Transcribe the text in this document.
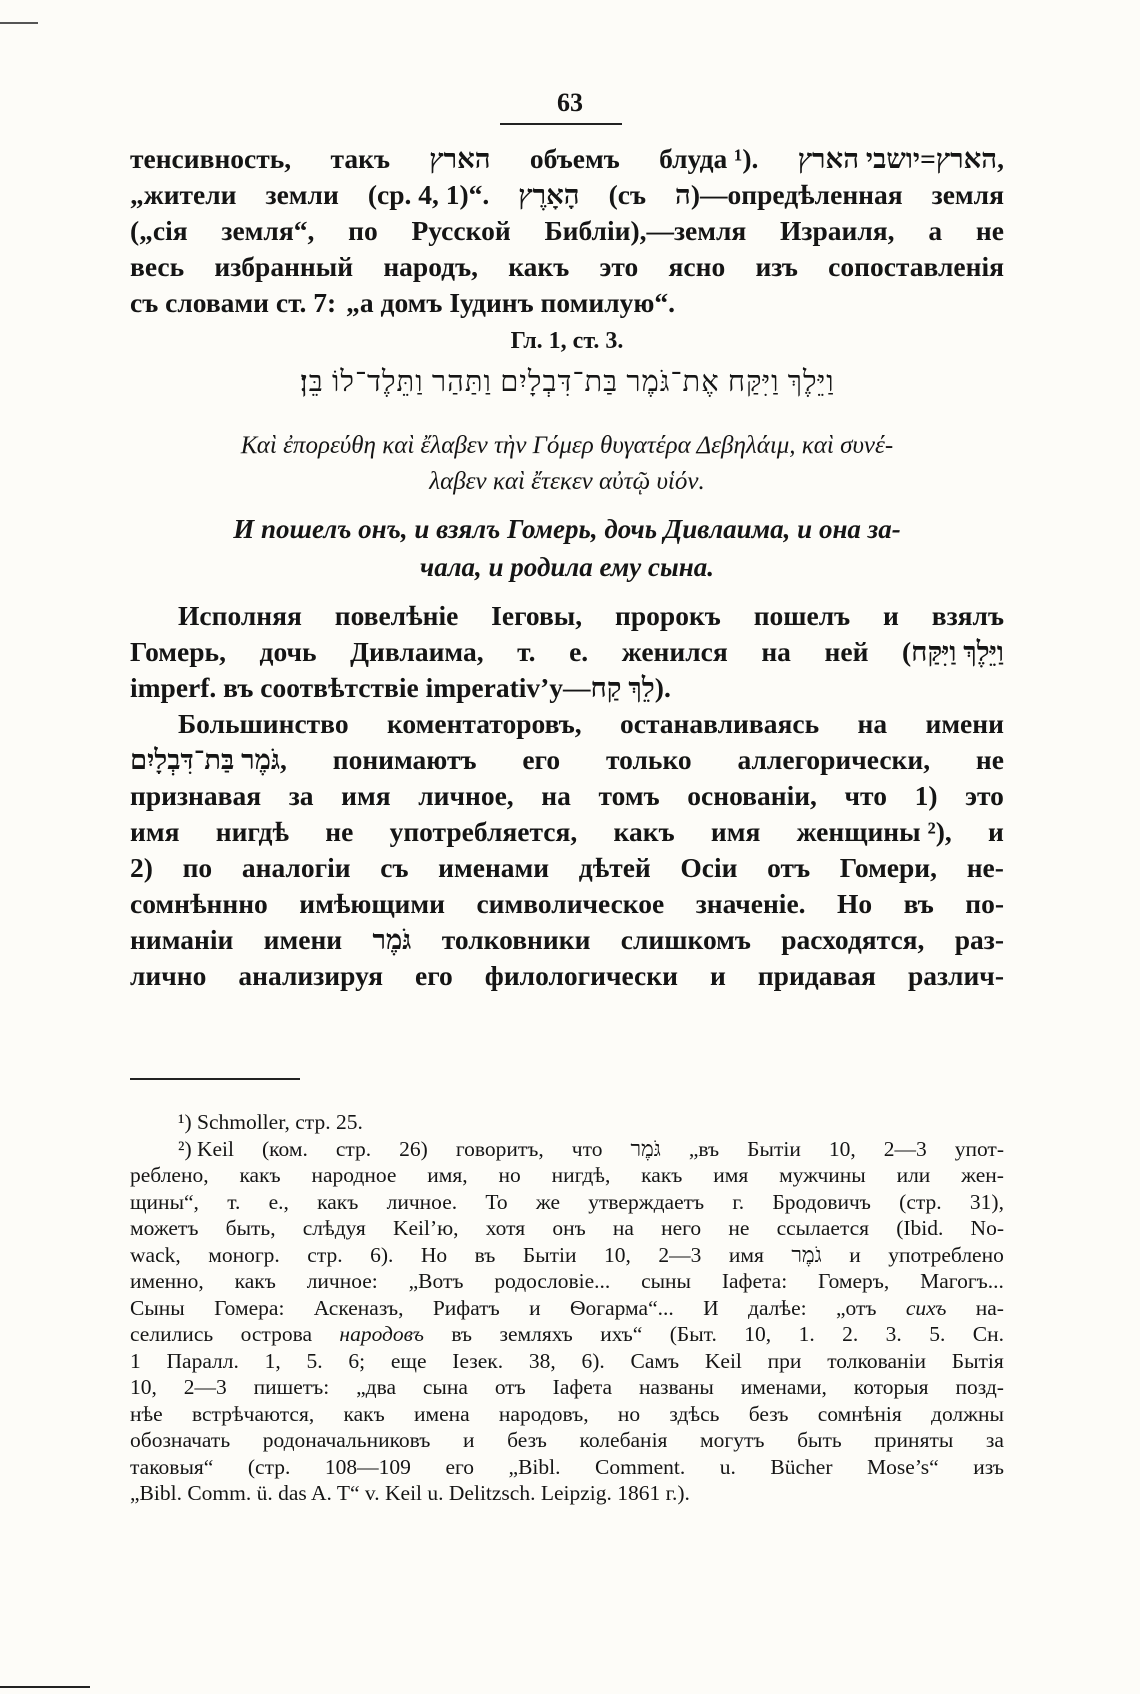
63
тенсивность, такъ הארץ объемъ блуда ¹). הארץ=יושבי הארץ,
„жители земли (ср. 4, 1)“. הָאָרֶץ (съ ה)—опредѣленная земля
(„сія земля“, по Русской Библіи),—земля Израиля, а не
весь избранный народъ, какъ это ясно изъ сопоставленія
съ словами ст. 7: „а домъ Іудинъ помилую“.
Гл. 1, ст. 3.
וַיֵּלֶךְ וַיִּקַּח אֶת־גֹּמֶר בַּת־דִּבְלָיִם וַתַּהַר וַתֵּלֶד־לוֹ בֵּן׃
Καὶ ἐπορεύθη καὶ ἔλαβεν τὴν Γόμερ θυγατέρα Δεβηλάιμ, καὶ συνέ-
λαβεν καὶ ἔτεκεν αὐτῷ υἱόν.
И пошелъ онъ, и взялъ Гомерь, дочь Дивлаима, и она за-
чала, и родила ему сына.
Исполняя повелѣніе Іеговы, пророкъ пошелъ и взялъ
Гомерь, дочь Дивлаима, т. е. женился на ней (וַיֵּלֶךְ וַיִּקַּח
imperf. въ соотвѣтствіе imperativ’y—לֵךְ קַח).
Большинство коментаторовъ, останавливаясь на имени
גֹּמֶר בַּת־דִּבְלָיִם, понимаютъ его только аллегорически, не
признавая за имя личное, на томъ основаніи, что 1) это
имя нигдѣ не употребляется, какъ имя женщины ²), и
2) по аналогіи съ именами дѣтей Осіи отъ Гомери, не-
сомнѣннно имѣющими символическое значеніе. Но въ по-
ниманіи имени גֹּמֶר толковники слишкомъ расходятся, раз-
лично анализируя его филологически и придавая различ-
¹) Schmoller, стр. 25.
²) Keil (ком. стр. 26) говоритъ, что גֹּמֶר „въ Бытіи 10, 2—3 упот-
реблено, какъ народное имя, но нигдѣ, какъ имя мужчины или жен-
щины“, т. е., какъ личное. То же утверждаетъ г. Бродовичъ (стр. 31),
можетъ быть, слѣдуя Keil’ю, хотя онъ на него не ссылается (Ibid. No-
wack, моногр. стр. 6). Но въ Бытіи 10, 2—3 имя גֹמֶר и употреблено
именно, какъ личное: „Вотъ родословіе... сыны Іафета: Гомеръ, Магогъ...
Сыны Гомера: Аскеназъ, Рифатъ и Ѳогарма“... И далѣе: „отъ сихъ на-
селились острова народовъ въ земляхъ ихъ“ (Быт. 10, 1. 2. 3. 5. Сн.
1 Паралл. 1, 5. 6; еще Іезек. 38, 6). Самъ Keil при толкованіи Бытія
10, 2—3 пишетъ: „два сына отъ Іафета названы именами, которыя позд-
нѣе встрѣчаются, какъ имена народовъ, но здѣсь безъ сомнѣнія должны
обозначать родоначальниковъ и безъ колебанія могутъ быть приняты за
таковыя“ (стр. 108—109 его „Bibl. Comment. u. Bücher Mose’s“ изъ
„Bibl. Comm. ü. das A. T“ v. Keil u. Delitzsch. Leipzig. 1861 г.).
